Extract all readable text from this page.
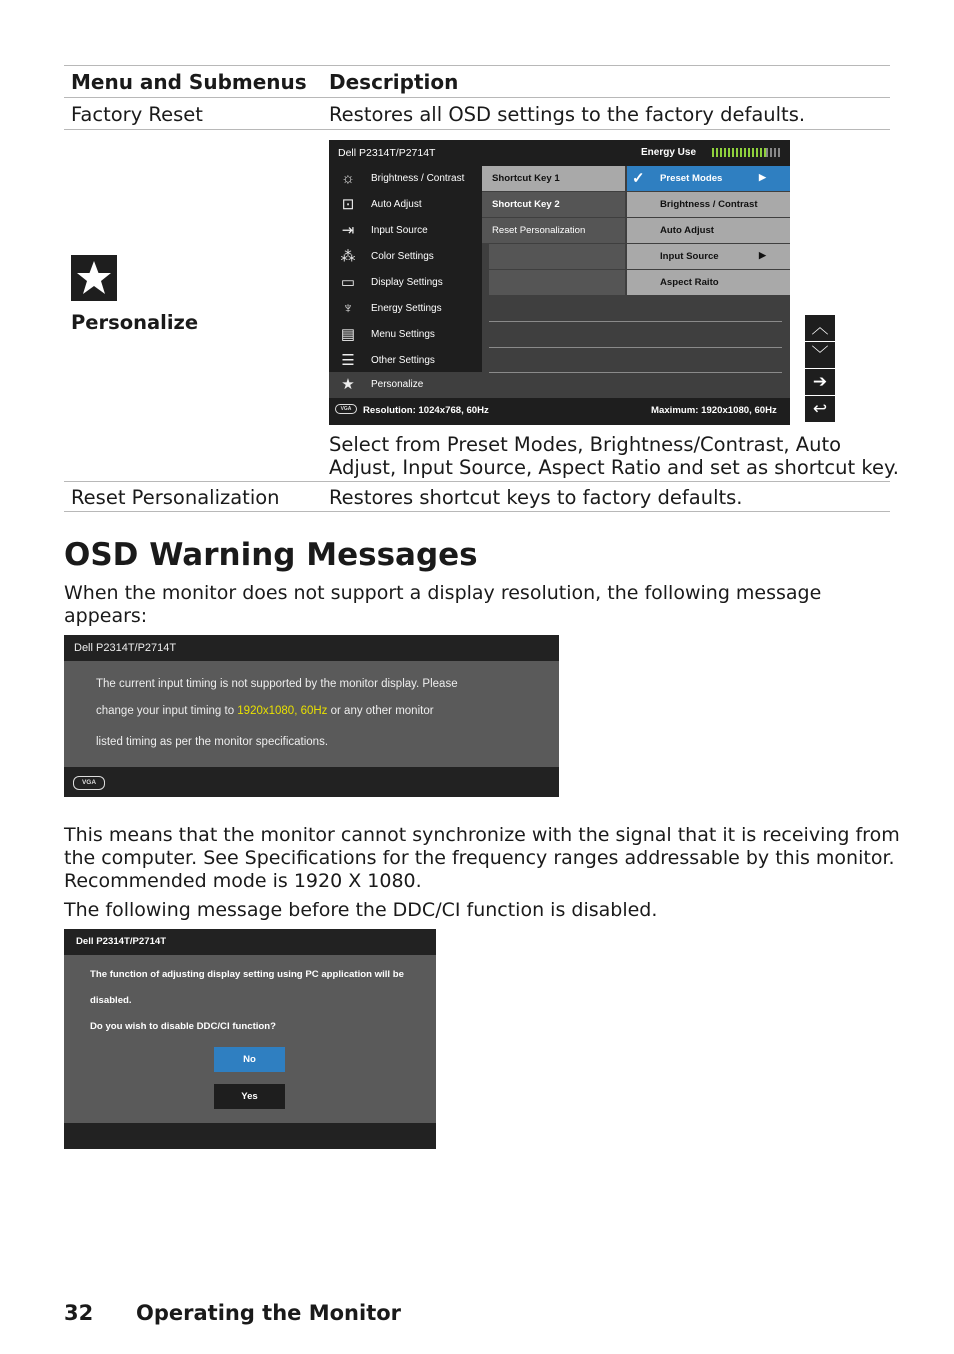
Menu and Submenus Description
Factory Reset	Restores all OSD settings to the factory defaults.
Personalize
Dell P2314T/P2714T	Energy Use
☼	Brightness / Contrast
⊡	Auto Adjust
⇥	Input Source
⁂	Color Settings
▭	Display Settings
♆	Energy Settings
▤	Menu Settings
☰	Other Settings
★	Personalize
Shortcut Key 1
Shortcut Key 2
Reset Personalization
✓ Preset Modes	▶
Brightness / Contrast
Auto Adjust
Input Source	▶
Aspect Raito
VGA	Resolution: 1024x768, 60Hz	Maximum: 1920x1080, 60Hz
︿
﹀
➔
↩
Select from Preset Modes, Brightness/Contrast, Auto
Adjust, Input Source, Aspect Ratio and set as shortcut key.
Reset Personalization	Restores shortcut keys to factory defaults.
OSD Warning Messages
When the monitor does not support a display resolution, the following message
appears:
Dell P2314T/P2714T
The current input timing is not supported by the monitor display. Please
change your input timing to 1920x1080, 60Hz or any other monitor
listed timing as per the monitor specifications.
VGA
This means that the monitor cannot synchronize with the signal that it is receiving from
the computer. See Specifications for the frequency ranges addressable by this monitor.
Recommended mode is 1920 X 1080.
The following message before the DDC/CI function is disabled.
Dell P2314T/P2714T
The function of adjusting display setting using PC application will be
disabled.
Do you wish to disable DDC/CI function?
No
Yes
32 Operating the Monitor
